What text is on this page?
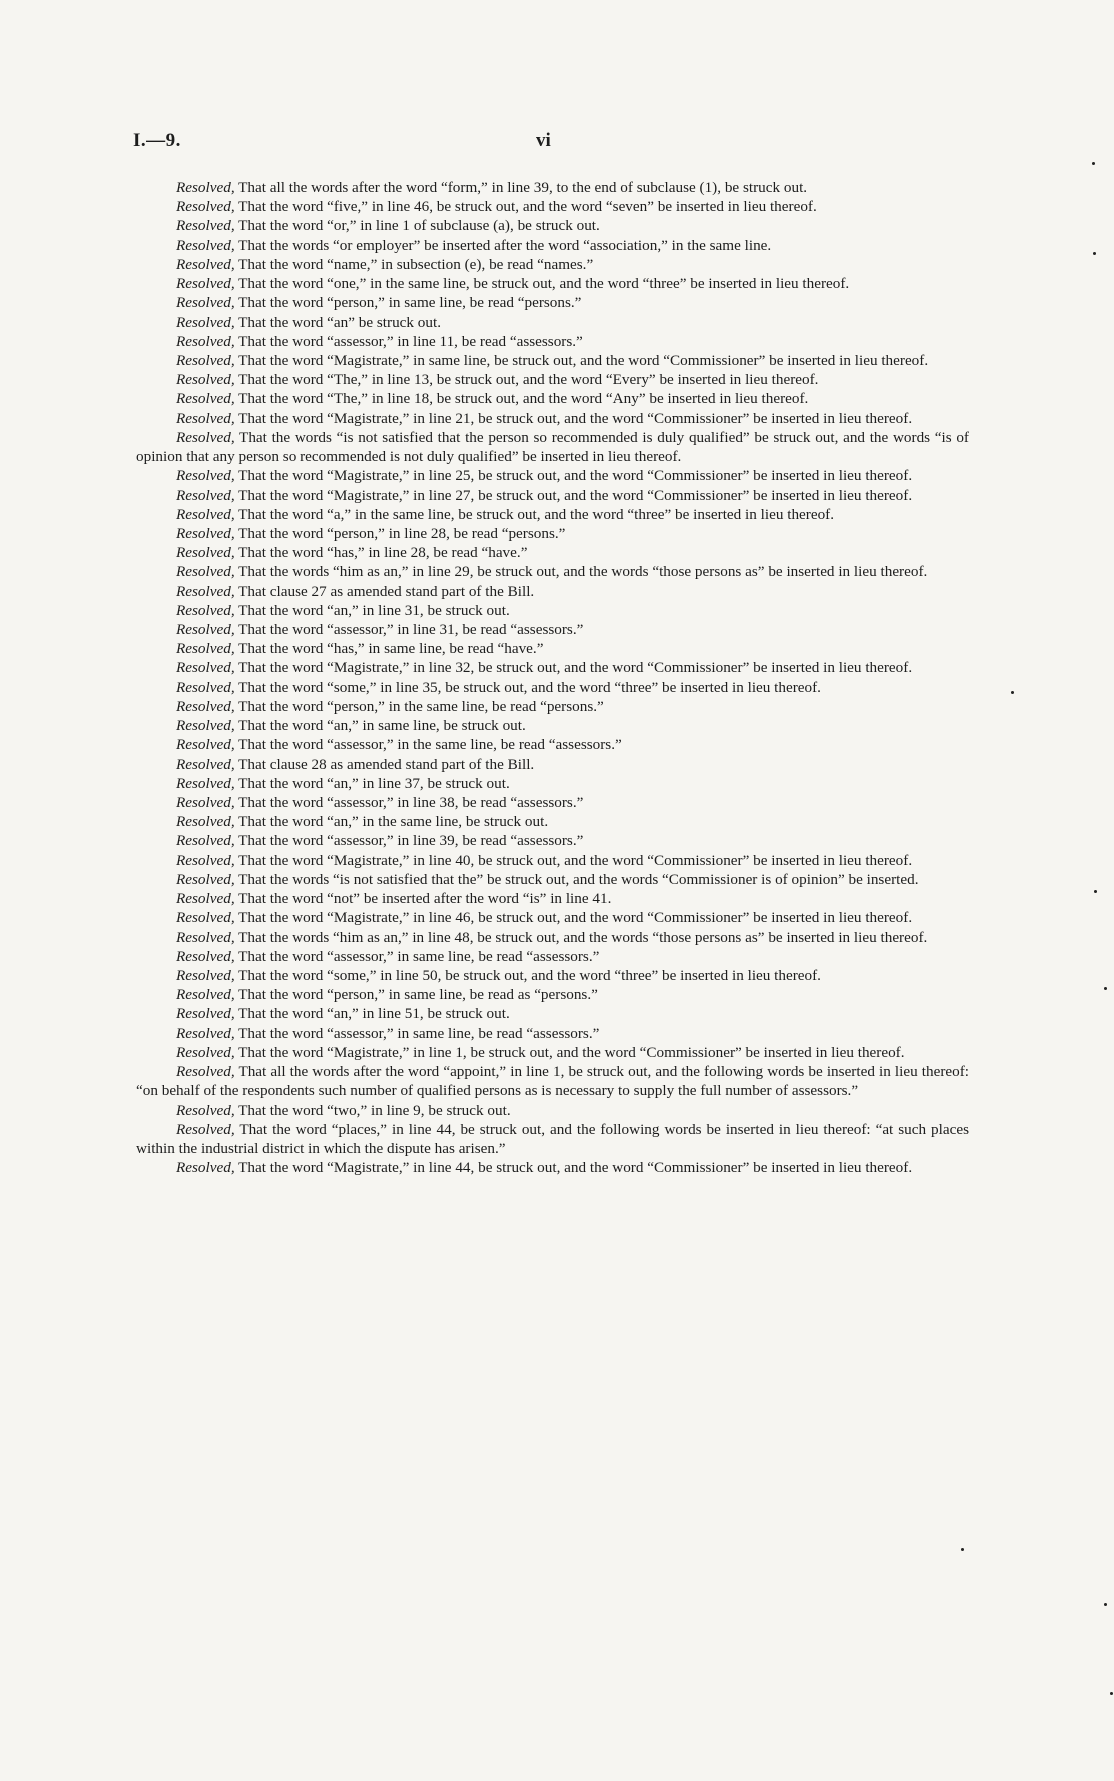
I.—9.	vi

Resolved, That all the words after the word “form,” in line 39, to the end of subclause (1), be struck out.

Resolved, That the word “five,” in line 46, be struck out, and the word “seven” be inserted in lieu thereof.

Resolved, That the word “or,” in line 1 of subclause (a), be struck out.

Resolved, That the words “or employer” be inserted after the word “association,” in the same line.

Resolved, That the word “name,” in subsection (e), be read “names.”

Resolved, That the word “one,” in the same line, be struck out, and the word “three” be inserted in lieu thereof.

Resolved, That the word “person,” in same line, be read “persons.”

Resolved, That the word “an” be struck out.

Resolved, That the word “assessor,” in line 11, be read “assessors.”

Resolved, That the word “Magistrate,” in same line, be struck out, and the word “Commissioner” be inserted in lieu thereof.

Resolved, That the word “The,” in line 13, be struck out, and the word “Every” be inserted in lieu thereof.

Resolved, That the word “The,” in line 18, be struck out, and the word “Any” be inserted in lieu thereof.

Resolved, That the word “Magistrate,” in line 21, be struck out, and the word “Commissioner” be inserted in lieu thereof.

Resolved, That the words “is not satisfied that the person so recommended is duly qualified” be struck out, and the words “is of opinion that any person so recommended is not duly qualified” be inserted in lieu thereof.

Resolved, That the word “Magistrate,” in line 25, be struck out, and the word “Commissioner” be inserted in lieu thereof.

Resolved, That the word “Magistrate,” in line 27, be struck out, and the word “Commissioner” be inserted in lieu thereof.

Resolved, That the word “a,” in the same line, be struck out, and the word “three” be inserted in lieu thereof.

Resolved, That the word “person,” in line 28, be read “persons.”

Resolved, That the word “has,” in line 28, be read “have.”

Resolved, That the words “him as an,” in line 29, be struck out, and the words “those persons as” be inserted in lieu thereof.

Resolved, That clause 27 as amended stand part of the Bill.

Resolved, That the word “an,” in line 31, be struck out.

Resolved, That the word “assessor,” in line 31, be read “assessors.”

Resolved, That the word “has,” in same line, be read “have.”

Resolved, That the word “Magistrate,” in line 32, be struck out, and the word “Commissioner” be inserted in lieu thereof.

Resolved, That the word “some,” in line 35, be struck out, and the word “three” be inserted in lieu thereof.

Resolved, That the word “person,” in the same line, be read “persons.”

Resolved, That the word “an,” in same line, be struck out.

Resolved, That the word “assessor,” in the same line, be read “assessors.”

Resolved, That clause 28 as amended stand part of the Bill.

Resolved, That the word “an,” in line 37, be struck out.

Resolved, That the word “assessor,” in line 38, be read “assessors.”

Resolved, That the word “an,” in the same line, be struck out.

Resolved, That the word “assessor,” in line 39, be read “assessors.”

Resolved, That the word “Magistrate,” in line 40, be struck out, and the word “Commissioner” be inserted in lieu thereof.

Resolved, That the words “is not satisfied that the” be struck out, and the words “Commissioner is of opinion” be inserted.

Resolved, That the word “not” be inserted after the word “is” in line 41.

Resolved, That the word “Magistrate,” in line 46, be struck out, and the word “Commissioner” be inserted in lieu thereof.

Resolved, That the words “him as an,” in line 48, be struck out, and the words “those persons as” be inserted in lieu thereof.

Resolved, That the word “assessor,” in same line, be read “assessors.”

Resolved, That the word “some,” in line 50, be struck out, and the word “three” be inserted in lieu thereof.

Resolved, That the word “person,” in same line, be read as “persons.”

Resolved, That the word “an,” in line 51, be struck out.

Resolved, That the word “assessor,” in same line, be read “assessors.”

Resolved, That the word “Magistrate,” in line 1, be struck out, and the word “Commissioner” be inserted in lieu thereof.

Resolved, That all the words after the word “appoint,” in line 1, be struck out, and the following words be inserted in lieu thereof: “on behalf of the respondents such number of qualified persons as is necessary to supply the full number of assessors.”

Resolved, That the word “two,” in line 9, be struck out.

Resolved, That the word “places,” in line 44, be struck out, and the following words be inserted in lieu thereof: “at such places within the industrial district in which the dispute has arisen.”

Resolved, That the word “Magistrate,” in line 44, be struck out, and the word “Commissioner” be inserted in lieu thereof.
